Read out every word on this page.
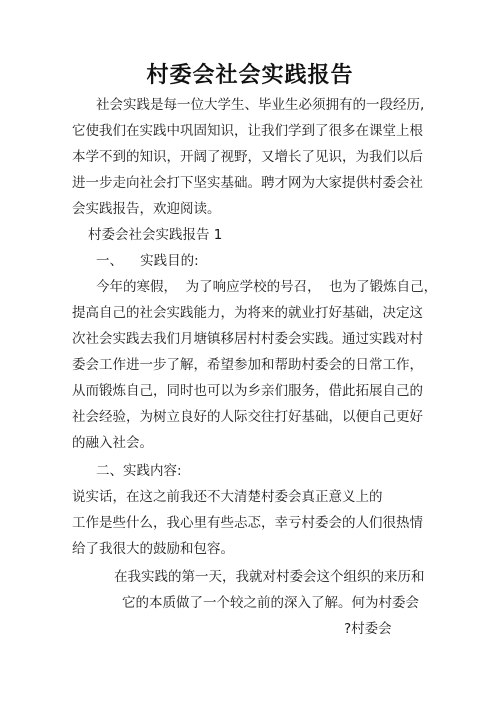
村委会社会实践报告

社会实践是每一位大学生、毕业生必须拥有的一段经历,

它使我们在实践中巩固知识，让我们学到了很多在课堂上根

本学不到的知识，开阔了视野，又增长了见识，为我们以后

进一步走向社会打下坚实基础。聘才网为大家提供村委会社

会实践报告，欢迎阅读。

村委会社会实践报告 1

一、    实践目的:

今年的寒假，  为了响应学校的号召，  也为了锻炼自己，

提高自己的社会实践能力，为将来的就业打好基础，决定这

次社会实践去我们月塘镇移居村村委会实践。通过实践对村

委会工作进一步了解，希望参加和帮助村委会的日常工作，

从而锻炼自己，同时也可以为乡亲们服务，借此拓展自己的

社会经验，为树立良好的人际交往打好基础，以便自己更好

的融入社会。

二、实践内容:

说实话，在这之前我还不大清楚村委会真正意义上的

工作是些什么，我心里有些忐忑，幸亏村委会的人们很热情

给了我很大的鼓励和包容。

在我实践的第一天，我就对村委会这个组织的来历和

它的本质做了一个较之前的深入了解。何为村委会

?村委会
